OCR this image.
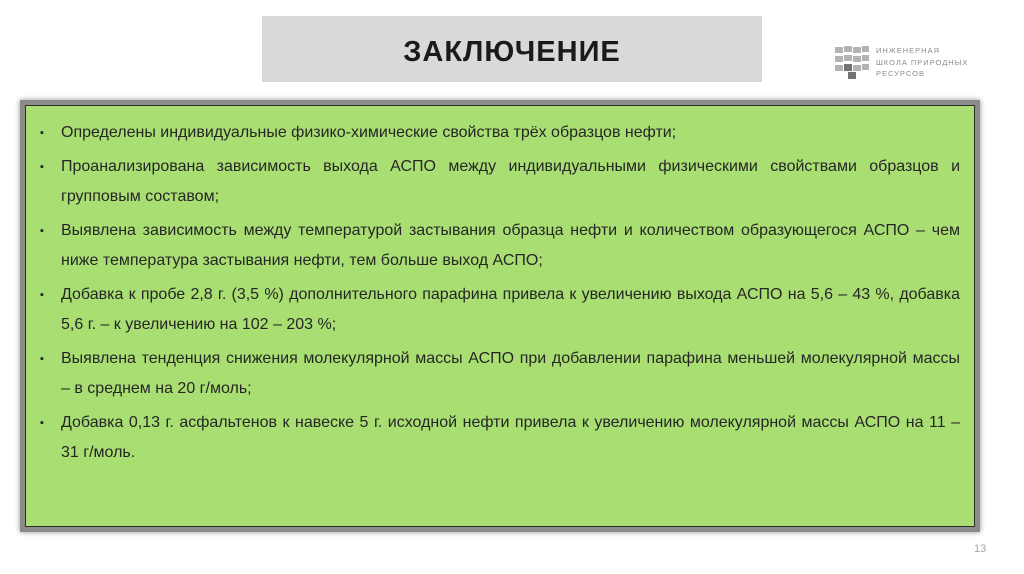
ЗАКЛЮЧЕНИЕ	ИНЖЕНЕРНАЯ
ШКОЛА ПРИРОДНЫХ
РЕСУРСОВ
▪ Определены индивидуальные физико-химические свойства трёх образцов нефти;
▪ Проанализирована зависимость выхода АСПО между индивидуальными физическими свойствами образцов и групповым составом;
▪ Выявлена зависимость между температурой застывания образца нефти и количеством образующегося АСПО – чем ниже температура застывания нефти, тем больше выход АСПО;
▪ Добавка к пробе 2,8 г. (3,5 %) дополнительного парафина привела к увеличению выхода АСПО на 5,6 – 43 %, добавка 5,6 г. – к увеличению на 102 – 203 %;
▪ Выявлена тенденция снижения молекулярной массы АСПО при добавлении парафина меньшей молекулярной массы – в среднем на 20 г/моль;
▪ Добавка 0,13 г. асфальтенов к навеске 5 г. исходной нефти привела к увеличению молекулярной массы АСПО на 11 – 31 г/моль.
13
